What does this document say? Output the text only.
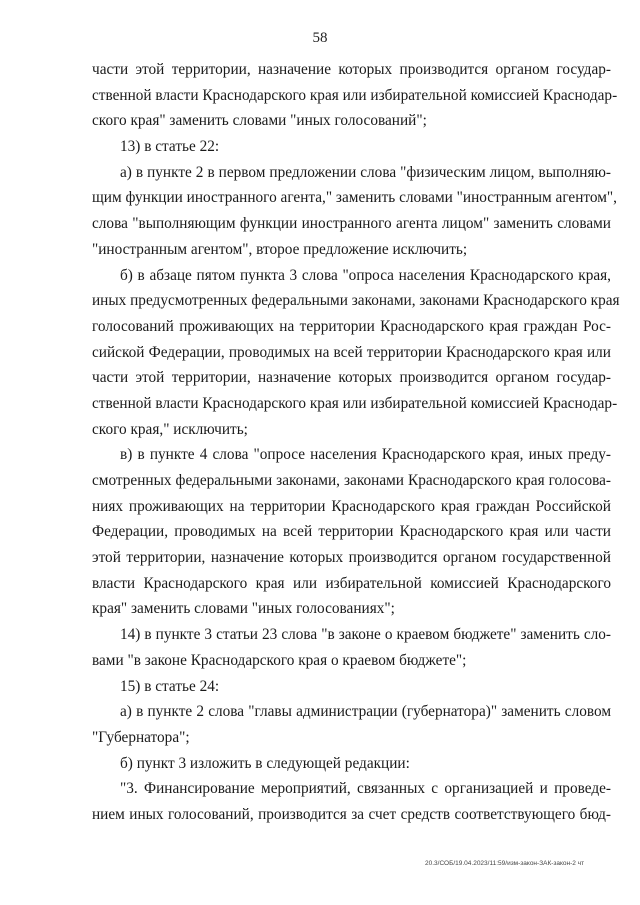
58
части этой территории, назначение которых производится органом государ-
ственной власти Краснодарского края или избирательной комиссией Краснодар-
ского края" заменить словами "иных голосований";
13) в статье 22:
а) в пункте 2 в первом предложении слова "физическим лицом, выполняю-
щим функции иностранного агента," заменить словами "иностранным агентом",
слова "выполняющим функции иностранного агента лицом" заменить словами
"иностранным агентом", второе предложение исключить;
б) в абзаце пятом пункта 3 слова "опроса населения Краснодарского края,
иных предусмотренных федеральными законами, законами Краснодарского края
голосований проживающих на территории Краснодарского края граждан Рос-
сийской Федерации, проводимых на всей территории Краснодарского края или
части этой территории, назначение которых производится органом государ-
ственной власти Краснодарского края или избирательной комиссией Краснодар-
ского края," исключить;
в) в пункте 4 слова "опросе населения Краснодарского края, иных преду-
смотренных федеральными законами, законами Краснодарского края голосова-
ниях проживающих на территории Краснодарского края граждан Российской
Федерации, проводимых на всей территории Краснодарского края или части
этой территории, назначение которых производится органом государственной
власти Краснодарского края или избирательной комиссией Краснодарского
края" заменить словами "иных голосованиях";
14) в пункте 3 статьи 23 слова "в законе о краевом бюджете" заменить сло-
вами "в законе Краснодарского края о краевом бюджете";
15) в статье 24:
а) в пункте 2 слова "главы администрации (губернатора)" заменить словом
"Губернатора";
б) пункт 3 изложить в следующей редакции:
"3. Финансирование мероприятий, связанных с организацией и проведе-
нием иных голосований, производится за счет средств соответствующего бюд-
20.3/СОБ/19.04.2023/11:59/изм-закон-ЗАК-закон-2 чт
